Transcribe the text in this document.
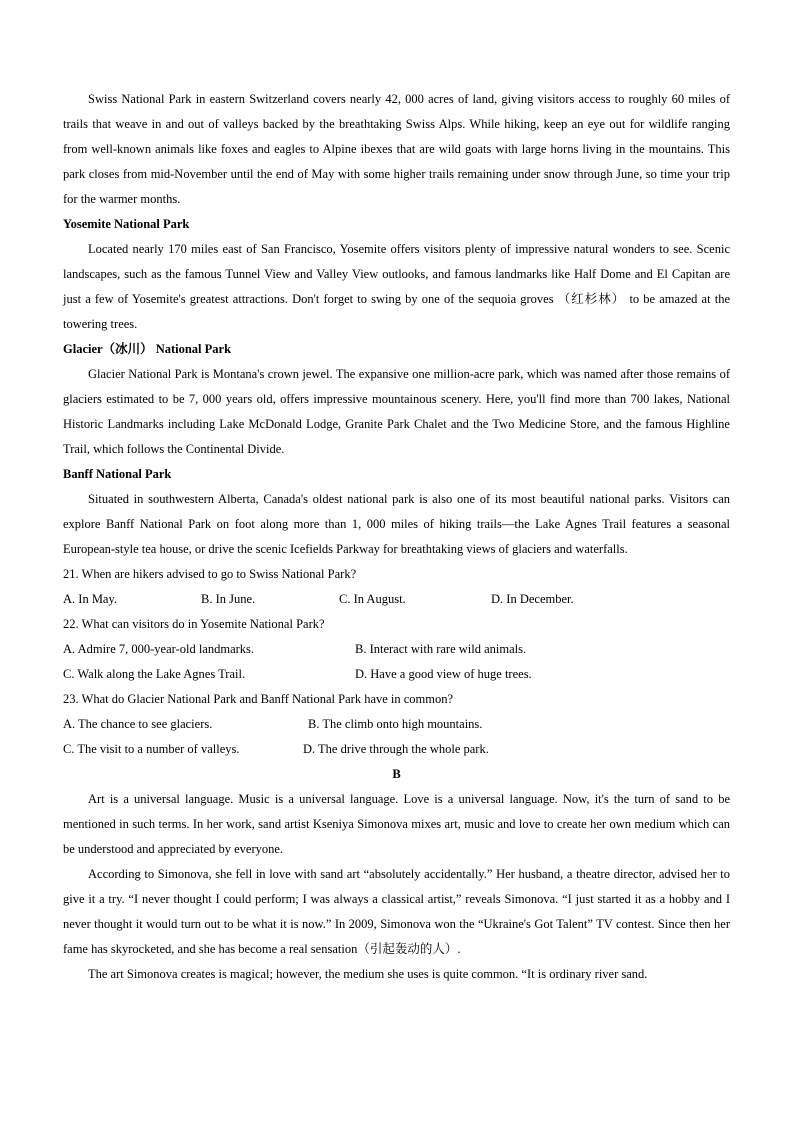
Swiss National Park in eastern Switzerland covers nearly 42, 000 acres of land, giving visitors access to roughly 60 miles of trails that weave in and out of valleys backed by the breathtaking Swiss Alps. While hiking, keep an eye out for wildlife ranging from well-known animals like foxes and eagles to Alpine ibexes that are wild goats with large horns living in the mountains. This park closes from mid-November until the end of May with some higher trails remaining under snow through June, so time your trip for the warmer months.

Yosemite National Park

Located nearly 170 miles east of San Francisco, Yosemite offers visitors plenty of impressive natural wonders to see. Scenic landscapes, such as the famous Tunnel View and Valley View outlooks, and famous landmarks like Half Dome and El Capitan are just a few of Yosemite's greatest attractions. Don't forget to swing by one of the sequoia groves （红杉林） to be amazed at the towering trees.

Glacier（冰川） National Park

Glacier National Park is Montana's crown jewel. The expansive one million-acre park, which was named after those remains of glaciers estimated to be 7, 000 years old, offers impressive mountainous scenery. Here, you'll find more than 700 lakes, National Historic Landmarks including Lake McDonald Lodge, Granite Park Chalet and the Two Medicine Store, and the famous Highline Trail, which follows the Continental Divide.

Banff National Park

Situated in southwestern Alberta, Canada's oldest national park is also one of its most beautiful national parks. Visitors can explore Banff National Park on foot along more than 1, 000 miles of hiking trails—the Lake Agnes Trail features a seasonal European-style tea house, or drive the scenic Icefields Parkway for breathtaking views of glaciers and waterfalls.

21. When are hikers advised to go to Swiss National Park?
A. In May.	B. In June.	C. In August.	D. In December.
22. What can visitors do in Yosemite National Park?
A. Admire 7, 000-year-old landmarks.	B. Interact with rare wild animals.
C. Walk along the Lake Agnes Trail.	D. Have a good view of huge trees.
23. What do Glacier National Park and Banff National Park have in common?
A. The chance to see glaciers.	B. The climb onto high mountains.
C. The visit to a number of valleys.	D. The drive through the whole park.
B

Art is a universal language. Music is a universal language. Love is a universal language. Now, it's the turn of sand to be mentioned in such terms. In her work, sand artist Kseniya Simonova mixes art, music and love to create her own medium which can be understood and appreciated by everyone.

According to Simonova, she fell in love with sand art “absolutely accidentally.” Her husband, a theatre director, advised her to give it a try. “I never thought I could perform; I was always a classical artist,” reveals Simonova. “I just started it as a hobby and I never thought it would turn out to be what it is now.” In 2009, Simonova won the “Ukraine's Got Talent” TV contest. Since then her fame has skyrocketed, and she has become a real sensation（引起轰动的人）.

The art Simonova creates is magical; however, the medium she uses is quite common. “It is ordinary river sand.
